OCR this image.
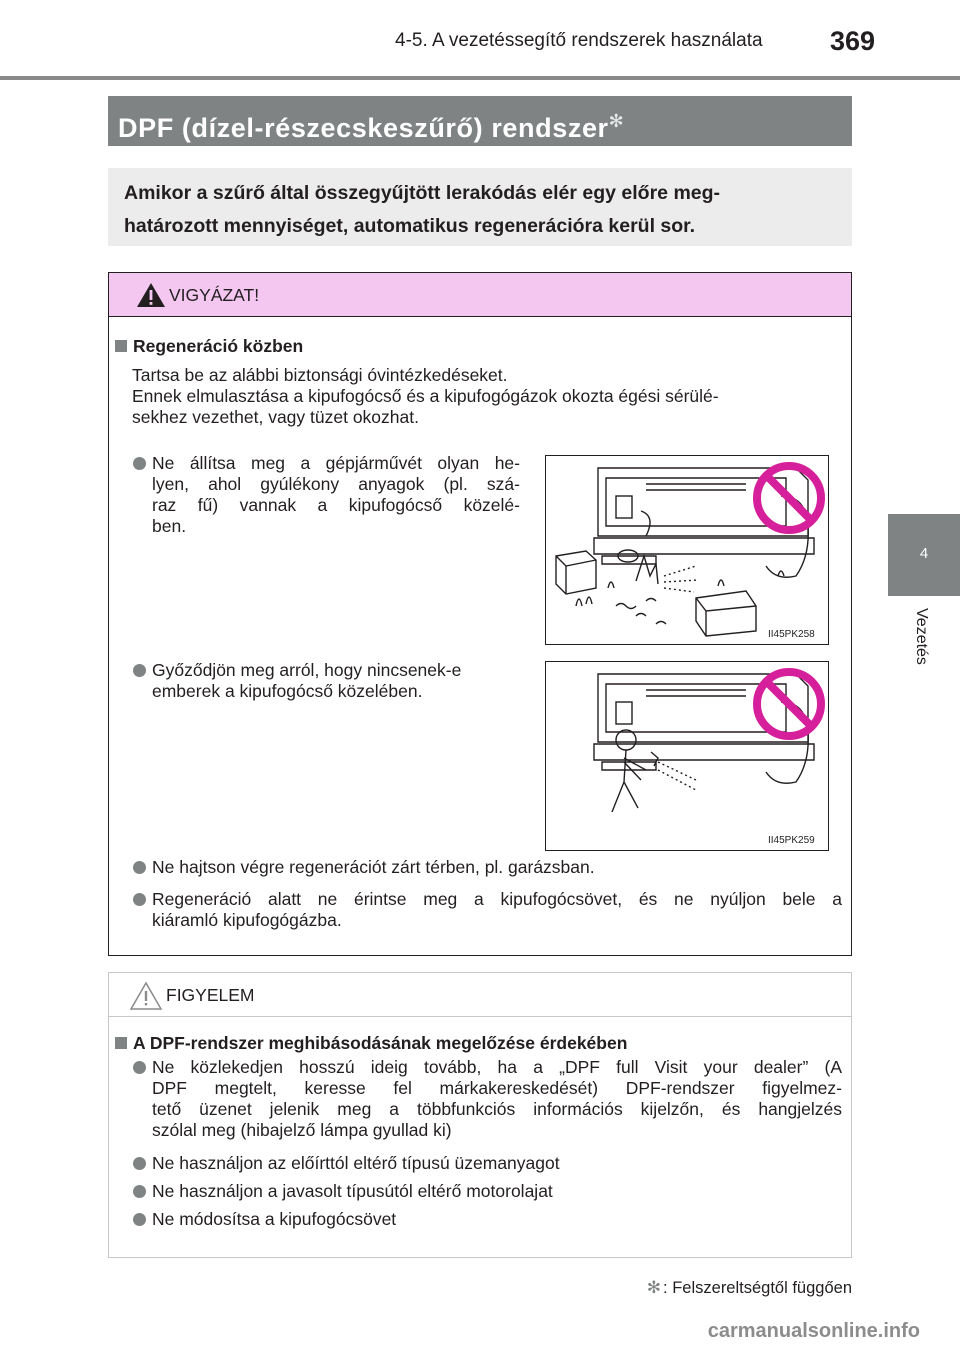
4-5. A vezetéssegítő rendszerek használata 369
4
Vezetés
DPF (dízel-részecskeszűrő) rendszer✻
Amikor a szűrő által összegyűjtött lerakódás elér egy előre meg-
határozott mennyiséget, automatikus regenerációra kerül sor.
VIGYÁZAT!
Regeneráció közben
Tartsa be az alábbi biztonsági óvintézkedéseket.
Ennek elmulasztása a kipufogócső és a kipufogógázok okozta égési sérülé-
sekhez vezethet, vagy tüzet okozhat.
Ne állítsa meg a gépjárművét olyan he-
lyen, ahol gyúlékony anyagok (pl. szá-
raz fű) vannak a kipufogócső közelé-
ben.
II45PK258
Győződjön meg arról, hogy nincsenek-e
emberek a kipufogócső közelében.
II45PK259
Ne hajtson végre regenerációt zárt térben, pl. garázsban.
Regeneráció alatt ne érintse meg a kipufogócsövet, és ne nyúljon bele a
kiáramló kipufogógázba.
FIGYELEM
A DPF-rendszer meghibásodásának megelőzése érdekében
Ne közlekedjen hosszú ideig tovább, ha a „DPF full Visit your dealer” (A
DPF megtelt, keresse fel márkakereskedését) DPF-rendszer figyelmez-
tető üzenet jelenik meg a többfunkciós információs kijelzőn, és hangjelzés
szólal meg (hibajelző lámpa gyullad ki)
Ne használjon az előírttól eltérő típusú üzemanyagot
Ne használjon a javasolt típusútól eltérő motorolajat
Ne módosítsa a kipufogócsövet
✻ : Felszereltségtől függően
carmanualsonline.info
